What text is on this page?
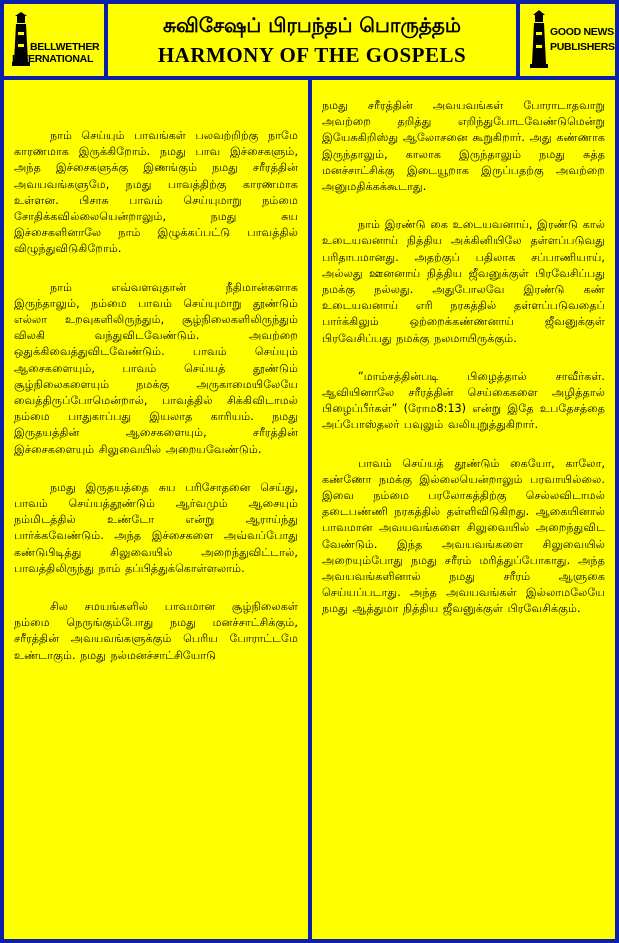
BELLWETHER
INTERNATIONAL
சுவிசேஷப் பிரபந்தப் பொருத்தம்
HARMONY OF THE GOSPELS
GOOD NEWS
PUBLISHERS

நாம் செய்யும் பாவங்கள் பலவற்றிற்கு நாமே காரணமாக இருக்கிறோம். நமது பாவ இச்சைகளும், அந்த இச்சைகளுக்கு இணங்கும் நமது சரீரத்தின் அவயவங்களுமே, நமது பாவத்திற்கு காரணமாக உள்ளன. பிசாசு பாவம் செய்யுமாறு நம்மை சோதிக்கவில்லையென்றாலும், நமது சுய இச்சைகளினாலே நாம் இழுக்கப்பட்டு பாவத்தில் விழுந்துவிடுகிறோம்.

நாம் எவ்வளவுதான் நீதிமான்களாக இருந்தாலும், நம்மை பாவம் செய்யுமாறு தூண்டும் எல்லா உறவுகளிலிருந்தும், சூழ்நிலைகளிலிருந்தும் விலகி வந்துவிடவேண்டும். அவற்றை ஒதுக்கிவைத்துவிடவேண்டும். பாவம் செய்யும் ஆசைகளையும், பாவம் செய்யத் தூண்டும் சூழ்நிலைகளையும் நமக்கு அருகாமையிலேயே வைத்திருப்போமென்றால், பாவத்தில் சிக்கிவிடாமல் நம்மை பாதுகாப்பது இயலாத காரியம். நமது இருதயத்தின் ஆசைகளையும், சரீரத்தின் இச்சைகளையும் சிலுவையில் அறையவேண்டும்.

நமது இருதயத்தை சுய பரிசோதனை செய்து, பாவம் செய்யத்தூண்டும் ஆர்வமும் ஆசையும் நம்மிடத்தில் உண்டோ என்று ஆராய்ந்து பார்க்கவேண்டும். அந்த இச்சைகளை அவ்வப்போது கண்டுபிடித்து சிலுவையில் அறைந்துவிட்டால், பாவத்திலிருந்து நாம் தப்பித்துக்கொள்ளலாம்.

சில சமயங்களில் பாவமான சூழ்நிலைகள் நம்மை நெருங்கும்போது நமது மனச்சாட்சிக்கும், சரீரத்தின் அவயவங்களுக்கும் பெரிய போராட்டமே உண்டாகும். நமது நல்மனச்சாட்சியோடு

நமது சரீரத்தின் அவயவங்கள் போராடாதவாறு அவற்றை தறித்து எறிந்துபோடவேண்டுமென்று இயேசுகிறிஸ்து ஆலோசனை கூறுகிறார். அது கண்ணாக இருந்தாலும், காலாக இருந்தாலும் நமது சுத்த மனச்சாட்சிக்கு இடையூறாக இருப்பதற்கு அவற்றை அனுமதிக்கக்கூடாது.

நாம் இரண்டு கை உடையவனாய், இரண்டு கால் உடையவனாய் நித்திய அக்கினியிலே தள்ளப்படுவது பரிதாபமானது. அதற்குப் பதிலாக சப்பாணியாய், அல்லது ஊனனாய் நித்திய ஜீவனுக்குள் பிரவேசிப்பது நமக்கு நல்லது. அதுபோலவே இரண்டு கண் உடையவனாய் எரி நரகத்தில் தள்ளப்படுவதைப் பார்க்கிலும் ஒற்றைக்கண்ணனாய் ஜீவனுக்குள் பிரவேசிப்பது நமக்கு நலமாயிருக்கும்.

“மாம்சத்தின்படி பிழைத்தால் சாவீர்கள். ஆவியினாலே சரீரத்தின் செய்கைகளை அழித்தால் பிழைப்பீர்கள்” (ரோம8:13) என்று இதே உபதேசத்தை அப்போஸ்தலர் பவுலும் வலியுறுத்துகிறார்.

பாவம் செய்யத் தூண்டும் கையோ, காலோ, கண்ணோ நமக்கு இல்லையென்றாலும் பரவாயில்லை. இவை நம்மை பரலோகத்திற்கு செல்லவிடாமல் தடைபண்ணி நரகத்தில் தள்ளிவிடுகிறது. ஆகையினால் பாவமான அவயவங்களை சிலுவையில் அறைந்துவிட வேண்டும். இந்த அவயவங்களை சிலுவையில் அறையும்போது நமது சரீரம் மரித்துப்போகாது. அந்த அவயவங்களினால் நமது சரீரம் ஆளுகை செய்யப்படாது. அந்த அவயவங்கள் இல்லாமலேயே நமது ஆத்துமா நித்திய ஜீவனுக்குள் பிரவேசிக்கும்.
